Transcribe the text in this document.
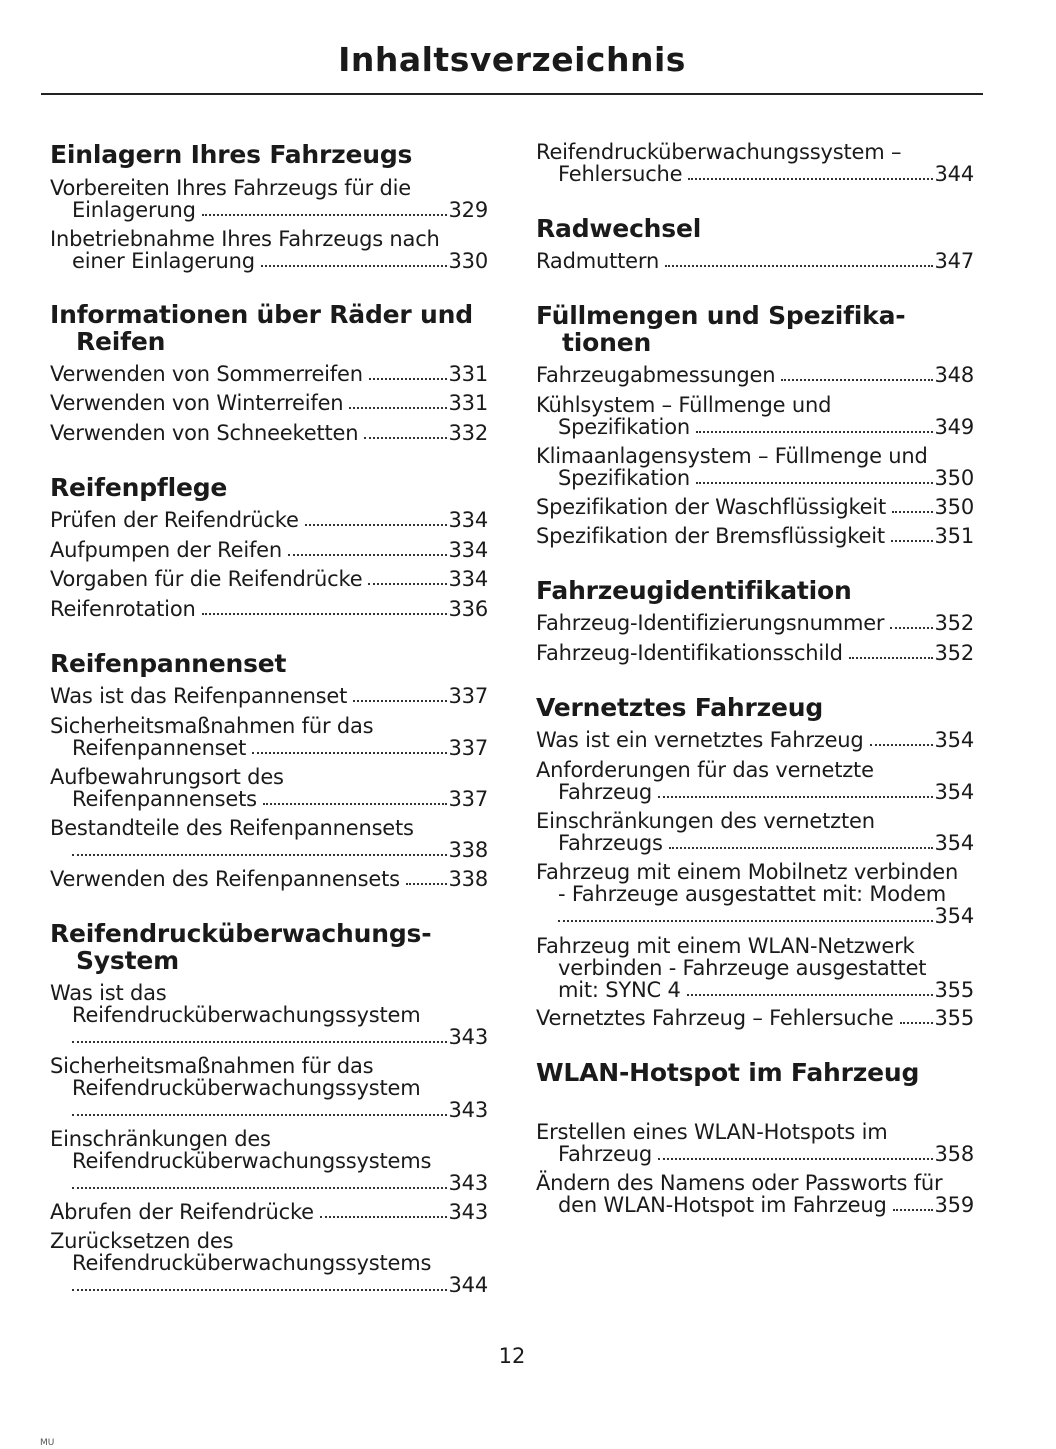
Inhaltsverzeichnis
Einlagern Ihres Fahrzeugs
Vorbereiten Ihres Fahrzeugs für die
Einlagerung	329
Inbetriebnahme Ihres Fahrzeugs nach
einer Einlagerung	330
Informationen über Räder und
Reifen
Verwenden von Sommerreifen	331
Verwenden von Winterreifen	331
Verwenden von Schneeketten	332
Reifenpflege
Prüfen der Reifendrücke	334
Aufpumpen der Reifen	334
Vorgaben für die Reifendrücke	334
Reifenrotation	336
Reifenpannenset
Was ist das Reifenpannenset	337
Sicherheitsmaßnahmen für das
Reifenpannenset	337
Aufbewahrungsort des
Reifenpannensets	337
Bestandteile des Reifenpannensets
338
Verwenden des Reifenpannensets 338
Reifendrucküberwachungs-
System
Was ist das
Reifendrucküberwachungssystem
343
Sicherheitsmaßnahmen für das
Reifendrucküberwachungssystem
343
Einschränkungen des
Reifendrucküberwachungssystems
343
Abrufen der Reifendrücke	343
Zurücksetzen des
Reifendrucküberwachungssystems
344
Reifendrucküberwachungssystem –
Fehlersuche	344
Radwechsel
Radmuttern	347
Füllmengen und Spezifika-
tionen
Fahrzeugabmessungen	348
Kühlsystem – Füllmenge und
Spezifikation	349
Klimaanlagensystem – Füllmenge und
Spezifikation	350
Spezifikation der Waschflüssigkeit 350
Spezifikation der Bremsflüssigkeit 351
Fahrzeugidentifikation
Fahrzeug-Identifizierungsnummer 352
Fahrzeug-Identifikationsschild	352
Vernetztes Fahrzeug
Was ist ein vernetztes Fahrzeug	354
Anforderungen für das vernetzte
Fahrzeug	354
Einschränkungen des vernetzten
Fahrzeugs	354
Fahrzeug mit einem Mobilnetz verbinden
- Fahrzeuge ausgestattet mit: Modem
354
Fahrzeug mit einem WLAN-Netzwerk
verbinden - Fahrzeuge ausgestattet
mit: SYNC 4	355
Vernetztes Fahrzeug – Fehlersuche 355
WLAN-Hotspot im Fahrzeug
Erstellen eines WLAN-Hotspots im
Fahrzeug	358
Ändern des Namens oder Passworts für
den WLAN-Hotspot im Fahrzeug 359
12
MU
